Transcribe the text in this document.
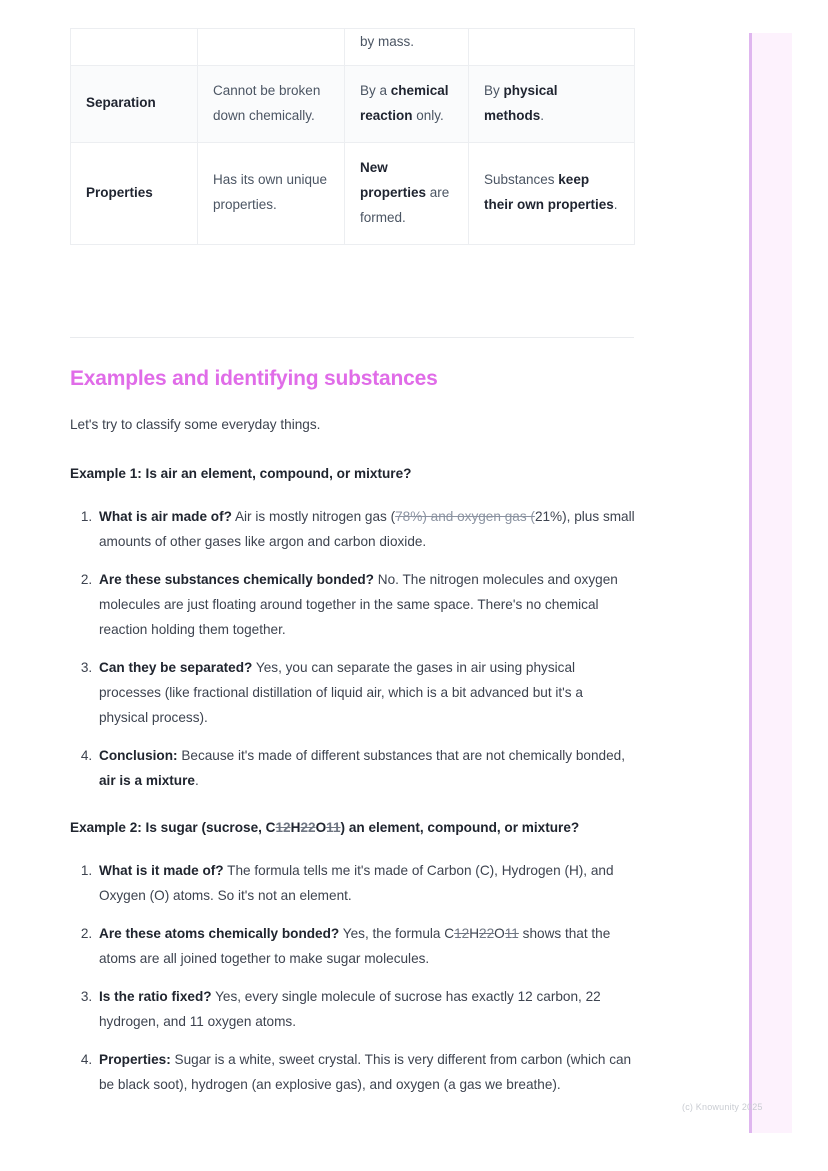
		by mass.	
Separation	Cannot be broken down chemically.	By a chemical reaction only.	By physical methods.
Properties	Has its own unique properties.	New properties are formed.	Substances keep their own properties.
Examples and identifying substances

Let's try to classify some everyday things.

Example 1: Is air an element, compound, or mixture?

1. What is air made of? Air is mostly nitrogen gas (78%) and oxygen gas (21%), plus small amounts of other gases like argon and carbon dioxide.
2. Are these substances chemically bonded? No. The nitrogen molecules and oxygen molecules are just floating around together in the same space. There's no chemical reaction holding them together.
3. Can they be separated? Yes, you can separate the gases in air using physical processes (like fractional distillation of liquid air, which is a bit advanced but it's a physical process).
4. Conclusion: Because it's made of different substances that are not chemically bonded, air is a mixture.

Example 2: Is sugar (sucrose, C12H22O11) an element, compound, or mixture?

1. What is it made of? The formula tells me it's made of Carbon (C), Hydrogen (H), and Oxygen (O) atoms. So it's not an element.
2. Are these atoms chemically bonded? Yes, the formula C12H22O11 shows that the atoms are all joined together to make sugar molecules.
3. Is the ratio fixed? Yes, every single molecule of sucrose has exactly 12 carbon, 22 hydrogen, and 11 oxygen atoms.
4. Properties: Sugar is a white, sweet crystal. This is very different from carbon (which can be black soot), hydrogen (an explosive gas), and oxygen (a gas we breathe).
(c) Knowunity 2025
